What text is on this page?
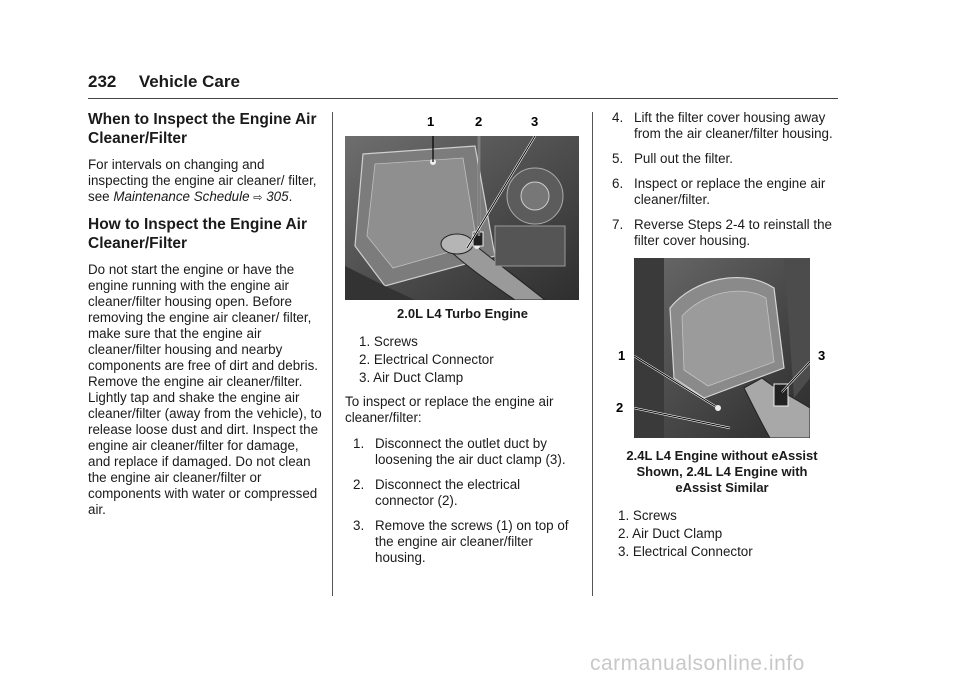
232 Vehicle Care
When to Inspect the Engine Air Cleaner/Filter

For intervals on changing and inspecting the engine air cleaner/ filter, see Maintenance Schedule ⇨ 305.

How to Inspect the Engine Air Cleaner/Filter

Do not start the engine or have the engine running with the engine air cleaner/filter housing open. Before removing the engine air cleaner/ filter, make sure that the engine air cleaner/filter housing and nearby components are free of dirt and debris. Remove the engine air cleaner/filter. Lightly tap and shake the engine air cleaner/filter (away from the vehicle), to release loose dust and dirt. Inspect the engine air cleaner/filter for damage, and replace if damaged. Do not clean the engine air cleaner/filter or components with water or compressed air.

1	2	3
2.0L L4 Turbo Engine
1. Screws
2. Electrical Connector
3. Air Duct Clamp

To inspect or replace the engine air cleaner/filter:

1. Disconnect the outlet duct by loosening the air duct clamp (3).
2. Disconnect the electrical connector (2).
3. Remove the screws (1) on top of the engine air cleaner/filter housing.
4. Lift the filter cover housing away from the air cleaner/filter housing.
5. Pull out the filter.
6. Inspect or replace the engine air cleaner/filter.
7. Reverse Steps 2-4 to reinstall the filter cover housing.
1
2
3
2.4L L4 Engine without eAssist
Shown, 2.4L L4 Engine with
eAssist Similar
1. Screws
2. Air Duct Clamp
3. Electrical Connector
carmanualsonline.info
